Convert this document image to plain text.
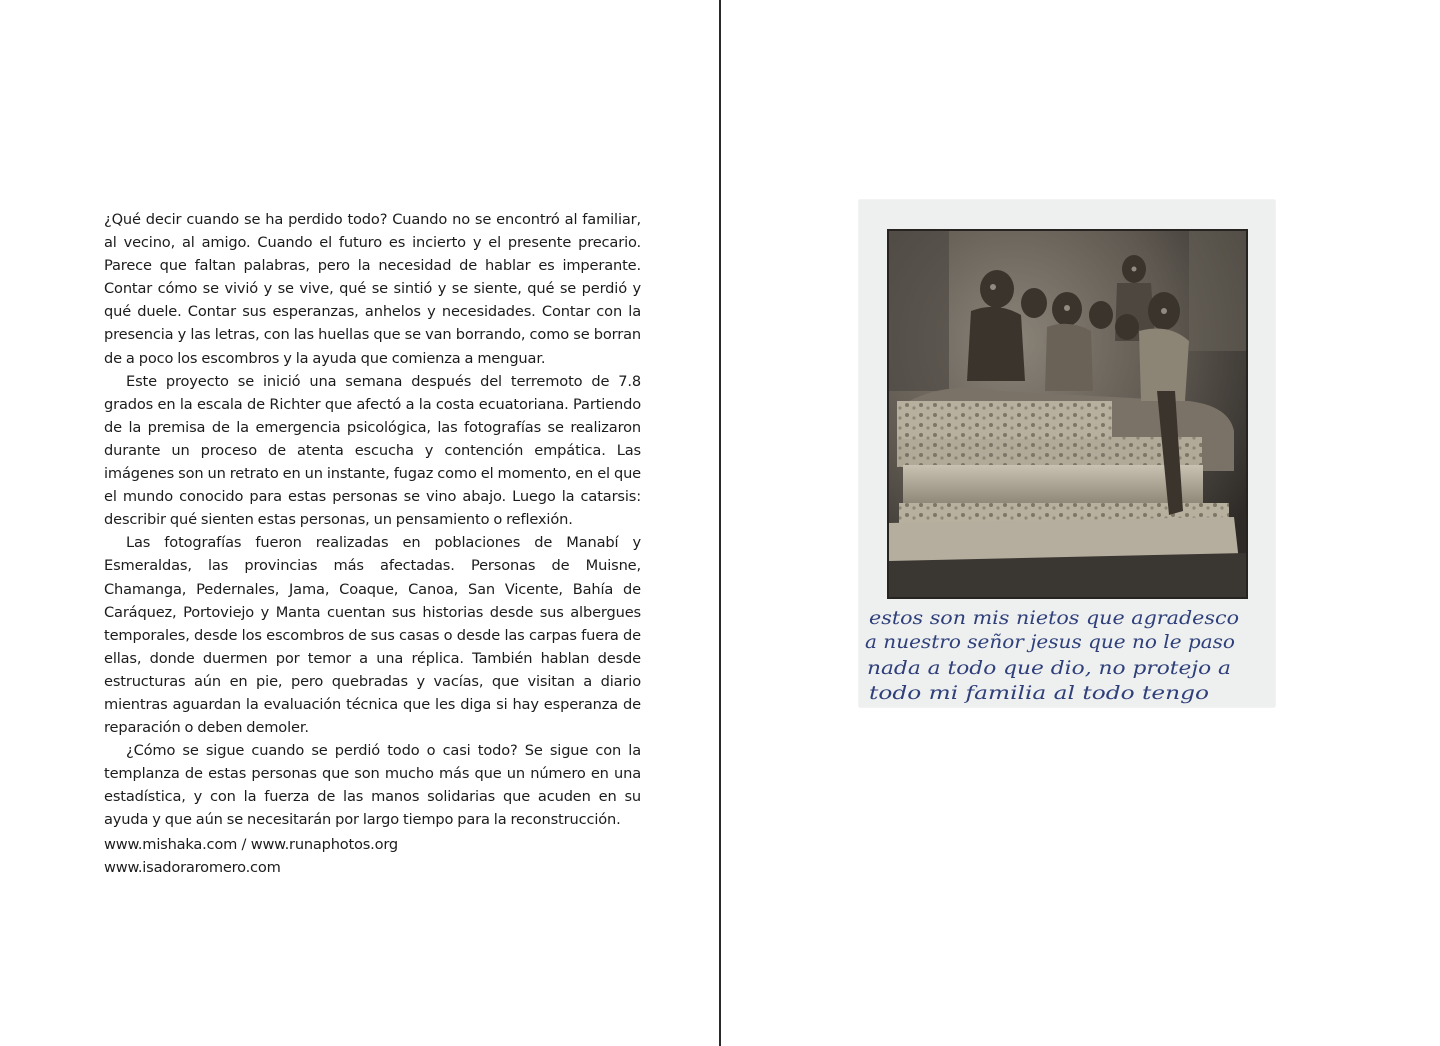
¿Qué decir cuando se ha perdido todo? Cuando no se encontró al familiar, al vecino, al amigo. Cuando el futuro es incierto y el presente precario. Parece que faltan palabras, pero la necesidad de hablar es imperante. Contar cómo se vivió y se vive, qué se sintió y se siente, qué se perdió y qué duele. Contar sus esperanzas, anhelos y necesidades. Contar con la presencia y las letras, con las huellas que se van borrando, como se borran de a poco los escombros y la ayuda que comienza a menguar.

Este proyecto se inició una semana después del terremoto de 7.8 grados en la escala de Richter que afectó a la costa ecuatoriana. Partiendo de la premisa de la emergencia psicológica, las fotografías se realizaron durante un proceso de atenta escucha y contención empática. Las imágenes son un retrato en un instante, fugaz como el momento, en el que el mundo conocido para estas personas se vino abajo. Luego la catarsis: describir qué sienten estas personas, un pensamiento o reflexión.

Las fotografías fueron realizadas en poblaciones de Manabí y Esmeraldas, las provincias más afectadas. Personas de Muisne, Chamanga, Pedernales, Jama, Coaque, Canoa, San Vicente, Bahía de Caráquez, Portoviejo y Manta cuentan sus historias desde sus albergues temporales, desde los escombros de sus casas o desde las carpas fuera de ellas, donde duermen por temor a una réplica. También hablan desde estructuras aún en pie, pero quebradas y vacías, que visitan a diario mientras aguardan la evaluación técnica que les diga si hay esperanza de reparación o deben demoler.

¿Cómo se sigue cuando se perdió todo o casi todo? Se sigue con la templanza de estas personas que son mucho más que un número en una estadística, y con la fuerza de las manos solidarias que acuden en su ayuda y que aún se necesitarán por largo tiempo para la reconstrucción.

www.mishaka.com / www.runaphotos.org
www.isadoraromero.com
estos son mis nietos que agradesco
a nuestro señor jesus que no le paso
nada a todo que dio, no protejo a
todo mi familia al todo tengo
